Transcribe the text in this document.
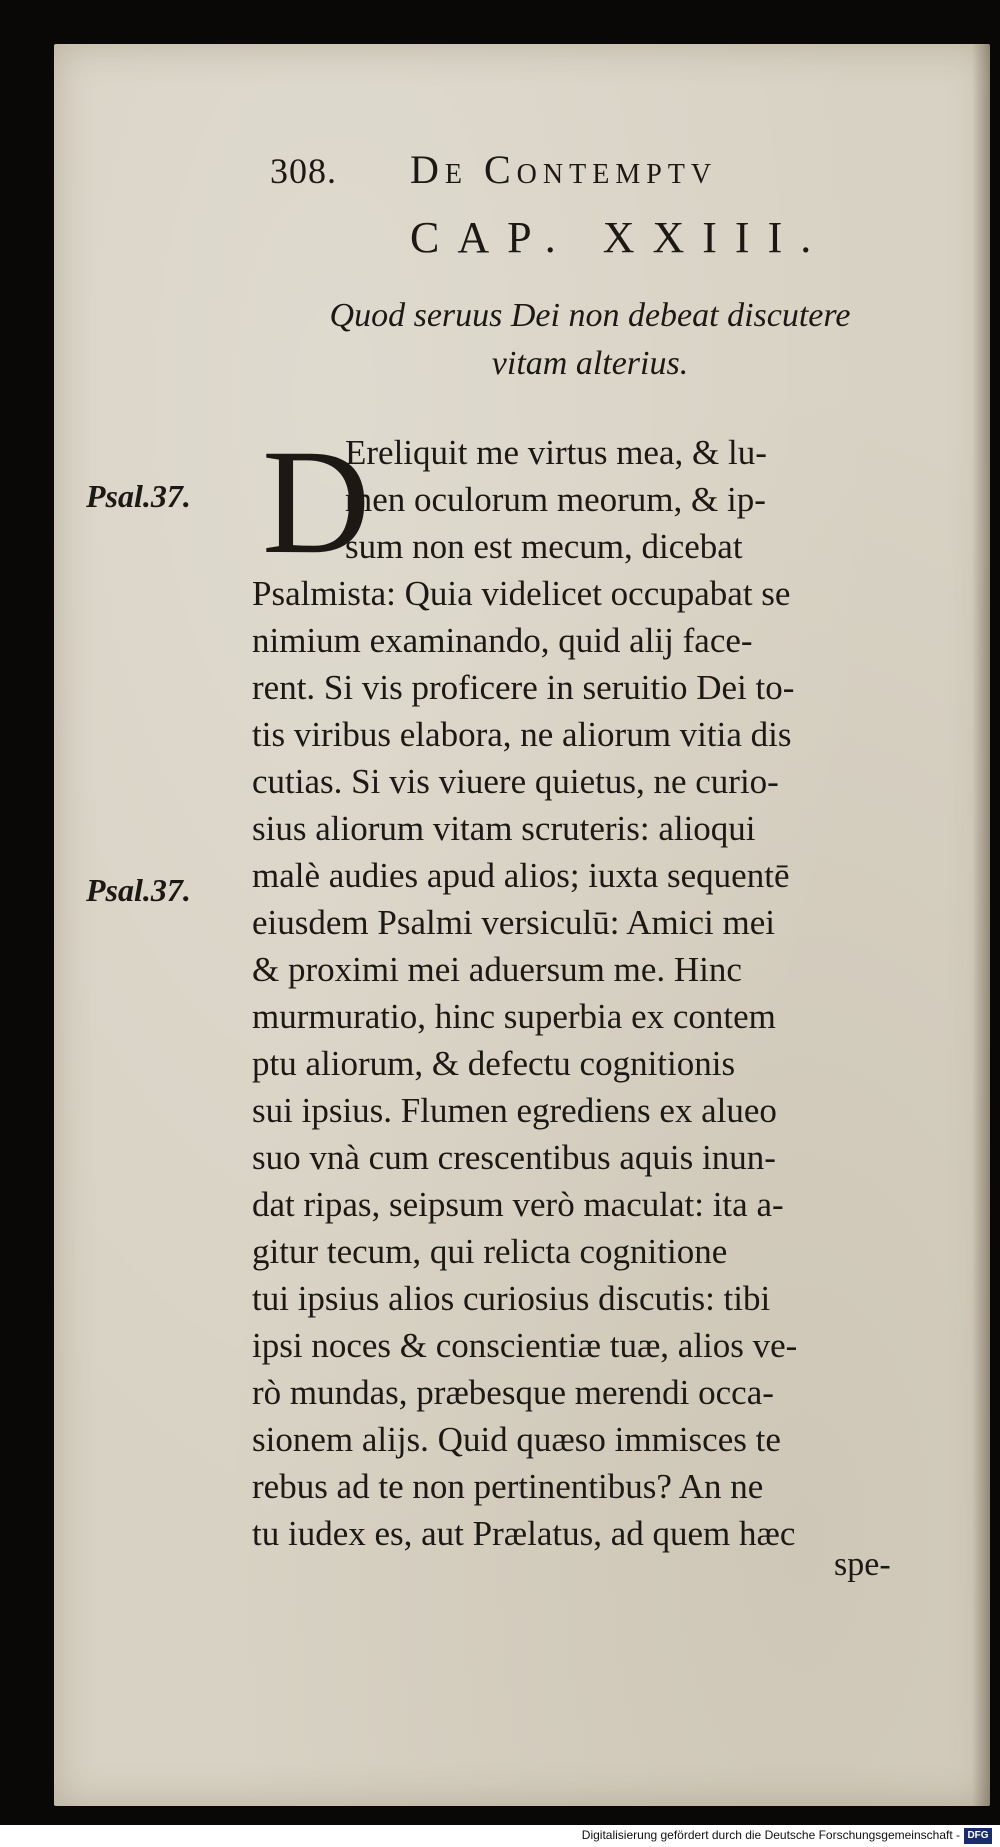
308. De Contemptv
CAP. XXIII.
Quod seruus Dei non debeat discutere
vitam alterius.
Psal.37.
Psal.37.
D
Ereliquit me virtus mea, & lu-
men oculorum meorum, & ip-
sum non est mecum, dicebat
Psalmista: Quia videlicet occupabat se
nimium examinando, quid alij face-
rent. Si vis proficere in seruitio Dei to-
tis viribus elabora, ne aliorum vitia dis
cutias. Si vis viuere quietus, ne curio-
sius aliorum vitam scruteris: alioqui
malè audies apud alios; iuxta sequentē
eiusdem Psalmi versiculū: Amici mei
& proximi mei aduersum me. Hinc
murmuratio, hinc superbia ex contem
ptu aliorum, & defectu cognitionis
sui ipsius. Flumen egrediens ex alueo
suo vnà cum crescentibus aquis inun-
dat ripas, seipsum verò maculat: ita a-
gitur tecum, qui relicta cognitione
tui ipsius alios curiosius discutis: tibi
ipsi noces & conscientiæ tuæ, alios ve-
rò mundas, præbesque merendi occa-
sionem alijs. Quid quæso immisces te
rebus ad te non pertinentibus? An ne
tu iudex es, aut Prælatus, ad quem hæc
spe-
Digitalisierung gefördert durch die Deutsche Forschungsgemeinschaft - DFG
